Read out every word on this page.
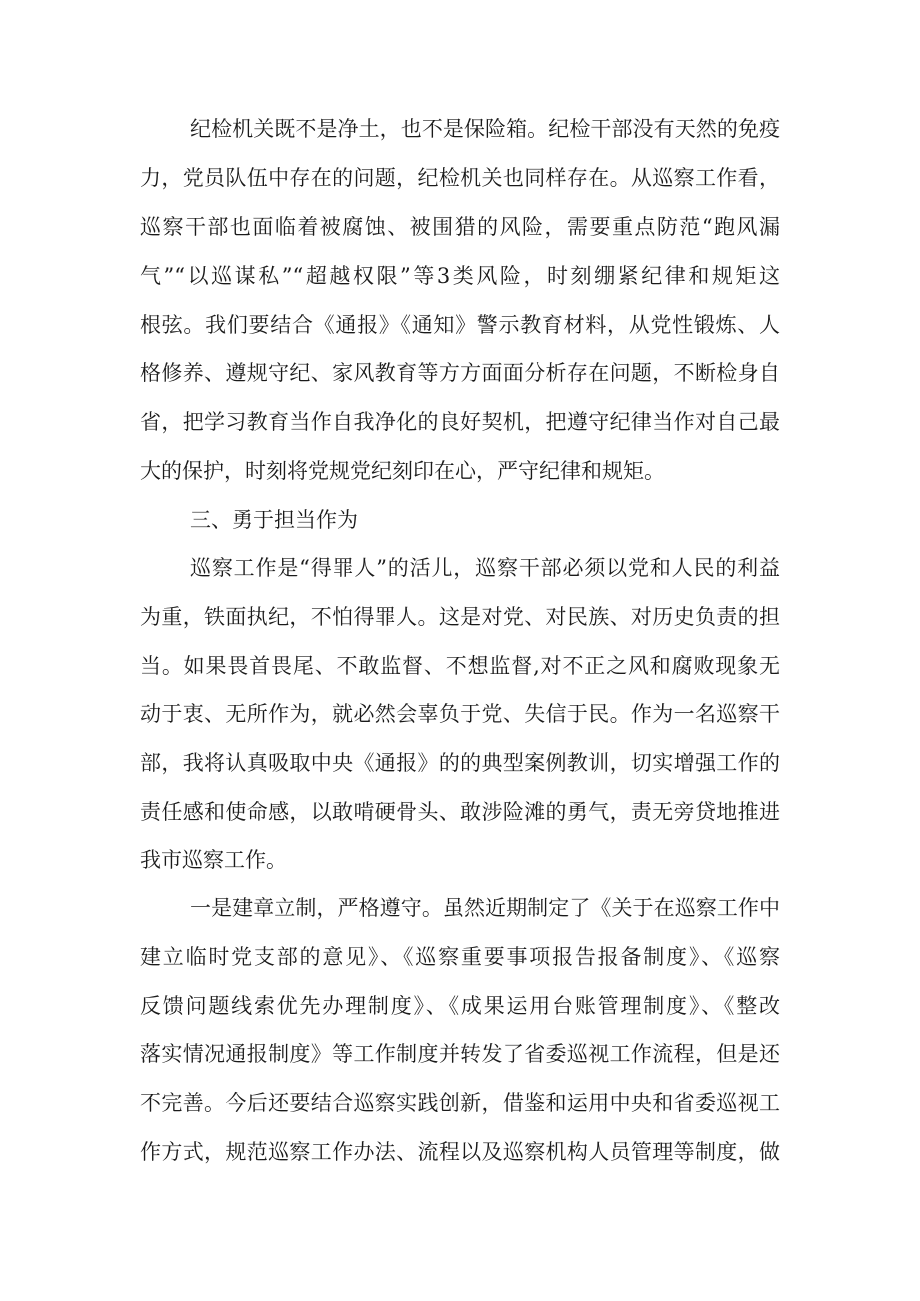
纪检机关既不是净土，也不是保险箱。纪检干部没有天然的免疫
力，党员队伍中存在的问题，纪检机关也同样存在。从巡察工作看，
巡察干部也面临着被腐蚀、被围猎的风险，需要重点防范“跑风漏
气”“以巡谋私”“超越权限”等3类风险，时刻绷紧纪律和规矩这
根弦。我们要结合《通报》《通知》警示教育材料，从党性锻炼、人
格修养、遵规守纪、家风教育等方方面面分析存在问题，不断检身自
省，把学习教育当作自我净化的良好契机，把遵守纪律当作对自己最
大的保护，时刻将党规党纪刻印在心，严守纪律和规矩。
三、勇于担当作为
巡察工作是“得罪人”的活儿，巡察干部必须以党和人民的利益
为重，铁面执纪，不怕得罪人。这是对党、对民族、对历史负责的担
当。如果畏首畏尾、不敢监督、不想监督,对不正之风和腐败现象无
动于衷、无所作为，就必然会辜负于党、失信于民。作为一名巡察干
部，我将认真吸取中央《通报》的的典型案例教训，切实增强工作的
责任感和使命感，以敢啃硬骨头、敢涉险滩的勇气，责无旁贷地推进
我市巡察工作。
一是建章立制，严格遵守。虽然近期制定了《关于在巡察工作中
建立临时党支部的意见》、《巡察重要事项报告报备制度》、《巡察
反馈问题线索优先办理制度》、《成果运用台账管理制度》、《整改
落实情况通报制度》等工作制度并转发了省委巡视工作流程，但是还
不完善。今后还要结合巡察实践创新，借鉴和运用中央和省委巡视工
作方式，规范巡察工作办法、流程以及巡察机构人员管理等制度，做
